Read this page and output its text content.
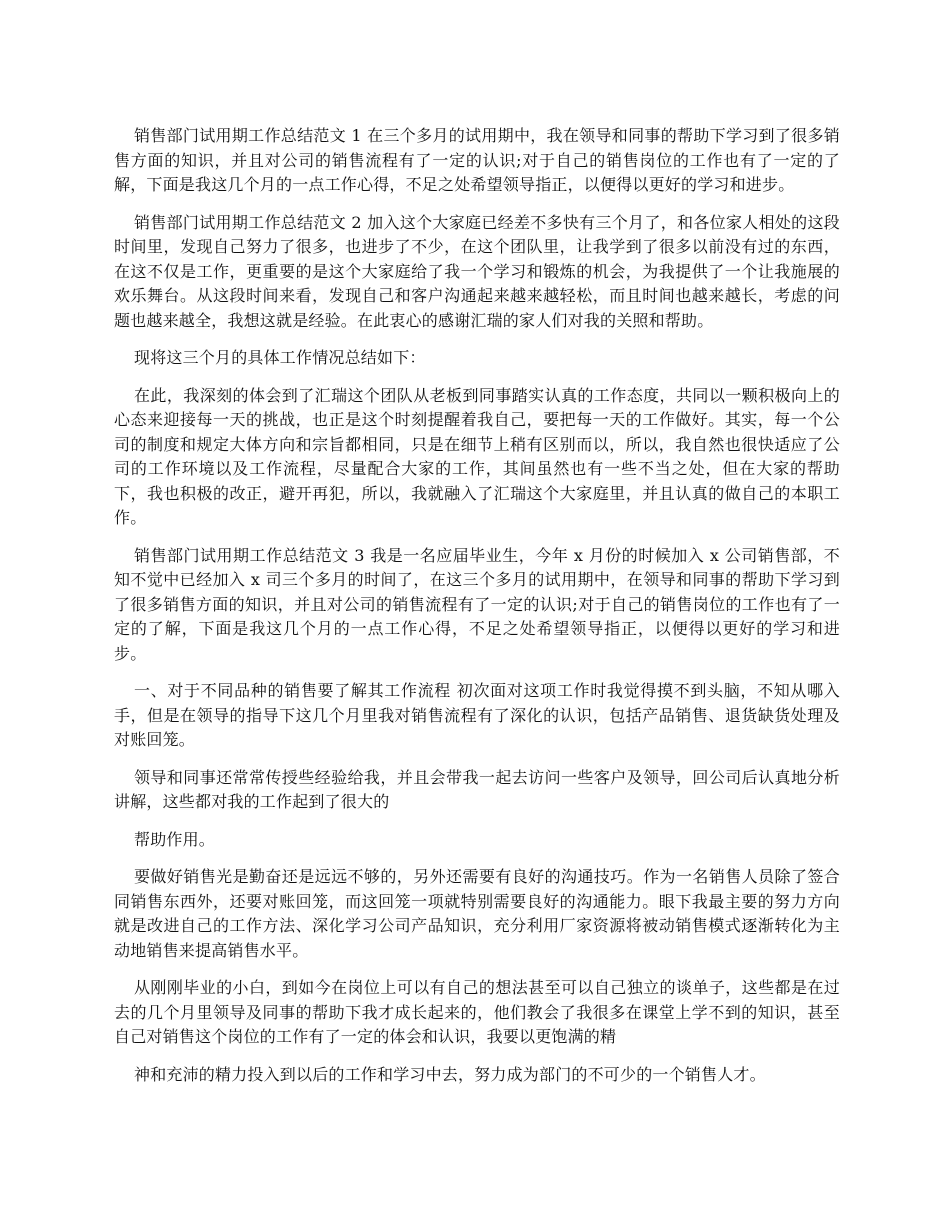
销售部门试用期工作总结范文 1 在三个多月的试用期中，我在领导和同事的帮助下学习到了很多销售方面的知识，并且对公司的销售流程有了一定的认识;对于自己的销售岗位的工作也有了一定的了解，下面是我这几个月的一点工作心得，不足之处希望领导指正，以便得以更好的学习和进步。

销售部门试用期工作总结范文 2 加入这个大家庭已经差不多快有三个月了，和各位家人相处的这段时间里，发现自己努力了很多，也进步了不少，在这个团队里，让我学到了很多以前没有过的东西，在这不仅是工作，更重要的是这个大家庭给了我一个学习和锻炼的机会，为我提供了一个让我施展的欢乐舞台。从这段时间来看，发现自己和客户沟通起来越来越轻松，而且时间也越来越长，考虑的问题也越来越全，我想这就是经验。在此衷心的感谢汇瑞的家人们对我的关照和帮助。

现将这三个月的具体工作情况总结如下：

在此，我深刻的体会到了汇瑞这个团队从老板到同事踏实认真的工作态度，共同以一颗积极向上的心态来迎接每一天的挑战，也正是这个时刻提醒着我自己，要把每一天的工作做好。其实，每一个公司的制度和规定大体方向和宗旨都相同，只是在细节上稍有区别而以，所以，我自然也很快适应了公司的工作环境以及工作流程，尽量配合大家的工作，其间虽然也有一些不当之处，但在大家的帮助下，我也积极的改正，避开再犯，所以，我就融入了汇瑞这个大家庭里，并且认真的做自己的本职工作。

销售部门试用期工作总结范文 3 我是一名应届毕业生，今年 x 月份的时候加入 x 公司销售部，不知不觉中已经加入 x 司三个多月的时间了，在这三个多月的试用期中，在领导和同事的帮助下学习到了很多销售方面的知识，并且对公司的销售流程有了一定的认识;对于自己的销售岗位的工作也有了一定的了解，下面是我这几个月的一点工作心得，不足之处希望领导指正，以便得以更好的学习和进步。

一、对于不同品种的销售要了解其工作流程 初次面对这项工作时我觉得摸不到头脑，不知从哪入手，但是在领导的指导下这几个月里我对销售流程有了深化的认识，包括产品销售、退货缺货处理及对账回笼。

领导和同事还常常传授些经验给我，并且会带我一起去访问一些客户及领导，回公司后认真地分析讲解，这些都对我的工作起到了很大的

帮助作用。

要做好销售光是勤奋还是远远不够的，另外还需要有良好的沟通技巧。作为一名销售人员除了签合同销售东西外，还要对账回笼，而这回笼一项就特别需要良好的沟通能力。眼下我最主要的努力方向就是改进自己的工作方法、深化学习公司产品知识，充分利用厂家资源将被动销售模式逐渐转化为主动地销售来提高销售水平。

从刚刚毕业的小白，到如今在岗位上可以有自己的想法甚至可以自己独立的谈单子，这些都是在过去的几个月里领导及同事的帮助下我才成长起来的，他们教会了我很多在课堂上学不到的知识，甚至自己对销售这个岗位的工作有了一定的体会和认识，我要以更饱满的精

神和充沛的精力投入到以后的工作和学习中去，努力成为部门的不可少的一个销售人才。
